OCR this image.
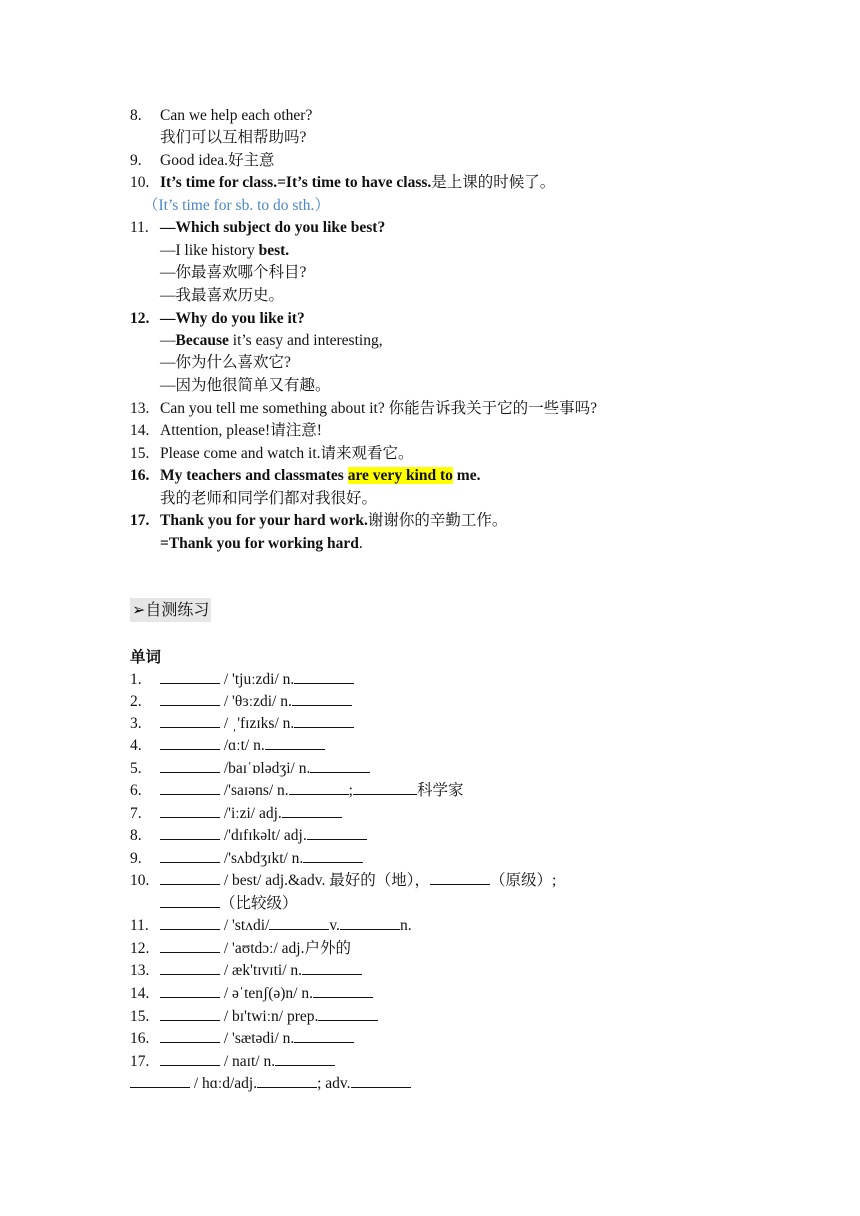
8. Can we help each other?
我们可以互相帮助吗?
9. Good idea.好主意
10. It’s time for class.=It’s time to have class.是上课的时候了。
（It’s time for sb. to do sth.）
11. —Which subject do you like best?
—I like history best.
—你最喜欢哪个科目?
—我最喜欢历史。
12. —Why do you like it?
—Because it’s easy and interesting,
—你为什么喜欢它?
—因为他很简单又有趣。
13. Can you tell me something about it? 你能告诉我关于它的一些事吗?
14. Attention, please!请注意!
15. Please come and watch it.请来观看它。
16. My teachers and classmates are very kind to me.
我的老师和同学们都对我很好。
17. Thank you for your hard work.谢谢你的辛勤工作。
=Thank you for working hard.
➢自测练习
单词
1.	/ 'tjuːzdi/ n.
2.	/ 'θɜːzdi/ n.
3.	/ ˌ'fɪzɪks/ n.
4.	/ɑːt/ n.
5.	/baɪˈɒlədʒi/ n.
6.	/'saɪəns/ n.	;	科学家
7.	/'iːzi/ adj.
8.	/'dɪfɪkəlt/ adj.
9.	/'sʌbdʒɪkt/ n.
10.	/ best/ adj.&adv. 最好的（地），	（原级）;
（比较级）
11.	/ 'stʌdi/	v.	n.
12.	/ 'aʊtdɔː/ adj.户外的
13.	/ æk'tɪvɪti/ n.
14.	/ əˈtenʃ(ə)n/ n.
15.	/ bɪ'twiːn/ prep.
16.	/ 'sætədi/ n.
17.	/ naɪt/ n.
/ hɑːd/adj.	; adv.
